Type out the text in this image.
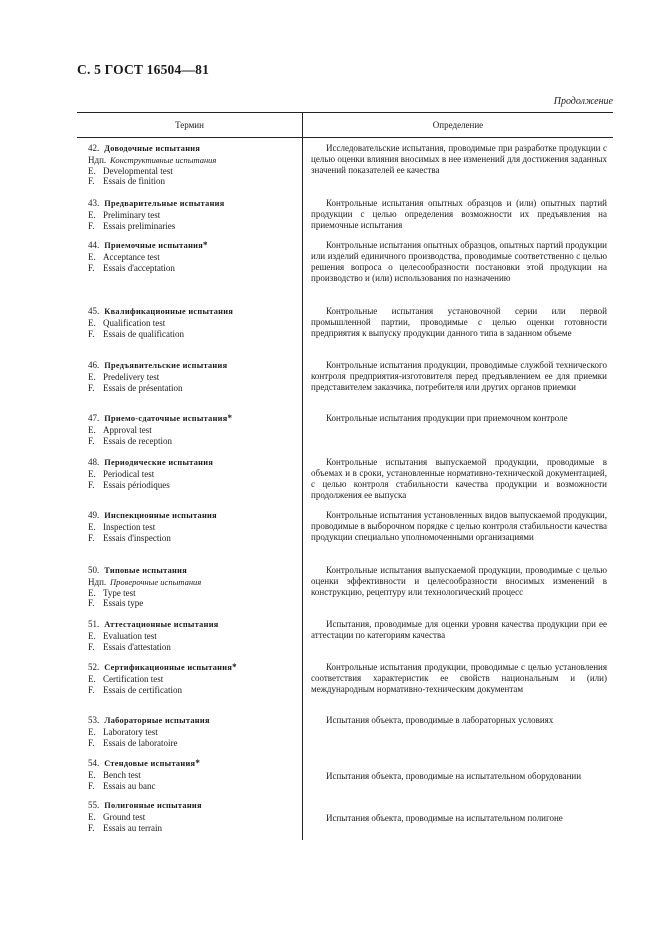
С. 5 ГОСТ 16504—81
Продолжение
Термин	Определение
42. Доводочные испытания
Ндп. Конструктивные испытания
E. Developmental test
F. Essais de finition
Исследовательские испытания, проводимые при разработке продукции с целью оценки влияния вносимых в нее изменений для достижения заданных значений показателей ее качества
43. Предварительные испытания
E. Preliminary test
F. Essais preliminaries
Контрольные испытания опытных образцов и (или) опытных партий продукции с целью определения возможности их предъявления на приемочные испытания
44. Приемочные испытания*
E. Acceptance test
F. Essais d'acceptation
Контрольные испытания опытных образцов, опытных партий продукции или изделий единичного производства, проводимые соответственно с целью решения вопроса о целесообразности постановки этой продукции на производство и (или) использования по назначению
45. Квалификационные испытания
E. Qualification test
F. Essais de qualification
Контрольные испытания установочной серии или первой промышленной партии, проводимые с целью оценки готовности предприятия к выпуску продукции данного типа в заданном объеме
46. Предъявительские испытания
E. Predelivery test
F. Essais de présentation
Контрольные испытания продукции, проводимые службой технического контроля предприятия-изготовителя перед предъявлением ее для приемки представителем заказчика, потребителя или других органов приемки
47. Приемо-сдаточные испытания*
E. Approval test
F. Essais de reception
Контрольные испытания продукции при приемочном контроле
48. Периодические испытания
E. Periodical test
F. Essais périodiques
Контрольные испытания выпускаемой продукции, проводимые в объемах и в сроки, установленные нормативно-технической документацией, с целью контроля стабильности качества продукции и возможности продолжения ее выпуска
49. Инспекционные испытания
E. Inspection test
F. Essais d'inspection
Контрольные испытания установленных видов выпускаемой продукции, проводимые в выборочном порядке с целью контроля стабильности качества продукции специально уполномоченными организациями
50. Типовые испытания
Ндп. Проверочные испытания
E. Type test
F. Essais type
Контрольные испытания выпускаемой продукции, проводимые с целью оценки эффективности и целесообразности вносимых изменений в конструкцию, рецептуру или технологический процесс
51. Аттестационные испытания
E. Evaluation test
F. Essais d'attestation
Испытания, проводимые для оценки уровня качества продукции при ее аттестации по категориям качества
52. Сертификационные испытания*
E. Certification test
F. Essais de certification
Контрольные испытания продукции, проводимые с целью установления соответствия характеристик ее свойств национальным и (или) международным нормативно-техническим документам
53. Лабораторные испытания
E. Laboratory test
F. Essais de laboratoire
Испытания объекта, проводимые в лабораторных условиях
54. Стендовые испытания*
E. Bench test
F. Essais au banc
Испытания объекта, проводимые на испытательном оборудовании
55. Полигонные испытания
E. Ground test
F. Essais au terrain
Испытания объекта, проводимые на испытательном полигоне
